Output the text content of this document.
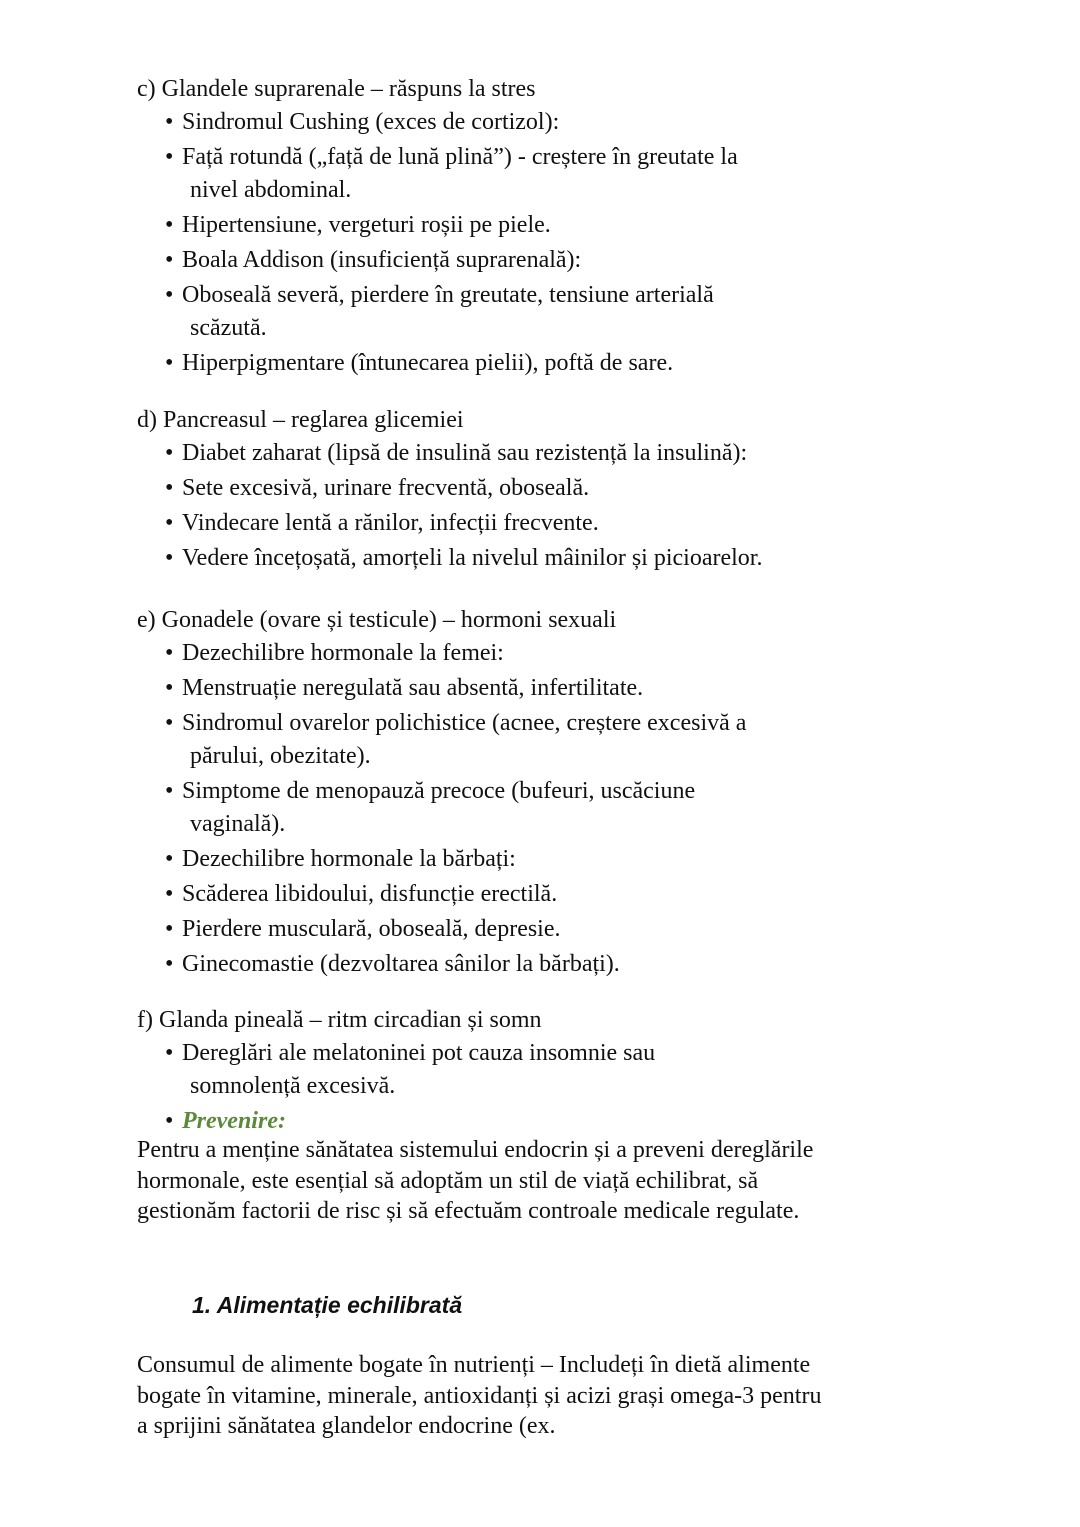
c) Glandele suprarenale – răspuns la stres
• Sindromul Cushing (exces de cortizol):
• Față rotundă („față de lună plină”) - creștere în greutate la
nivel abdominal.
• Hipertensiune, vergeturi roșii pe piele.
• Boala Addison (insuficiență suprarenală):
• Oboseală severă, pierdere în greutate, tensiune arterială
scăzută.
• Hiperpigmentare (întunecarea pielii), poftă de sare.
d) Pancreasul – reglarea glicemiei
• Diabet zaharat (lipsă de insulină sau rezistență la insulină):
• Sete excesivă, urinare frecventă, oboseală.
• Vindecare lentă a rănilor, infecții frecvente.
• Vedere încețoșată, amorțeli la nivelul mâinilor și picioarelor.
e) Gonadele (ovare și testicule) – hormoni sexuali
• Dezechilibre hormonale la femei:
• Menstruație neregulată sau absentă, infertilitate.
• Sindromul ovarelor polichistice (acnee, creștere excesivă a
părului, obezitate).
• Simptome de menopauză precoce (bufeuri, uscăciune
vaginală).
• Dezechilibre hormonale la bărbați:
• Scăderea libidoului, disfuncție erectilă.
• Pierdere musculară, oboseală, depresie.
• Ginecomastie (dezvoltarea sânilor la bărbați).
f) Glanda pineală – ritm circadian și somn
• Dereglări ale melatoninei pot cauza insomnie sau
somnolență excesivă.
• Prevenire:
Pentru a menține sănătatea sistemului endocrin și a preveni dereglările hormonale, este esențial să adoptăm un stil de viață echilibrat, să gestionăm factorii de risc și să efectuăm controale medicale regulate.
1. Alimentație echilibrată
Consumul de alimente bogate în nutrienți – Includeți în dietă alimente bogate în vitamine, minerale, antioxidanți și acizi grași omega-3 pentru a sprijini sănătatea glandelor endocrine (ex.
